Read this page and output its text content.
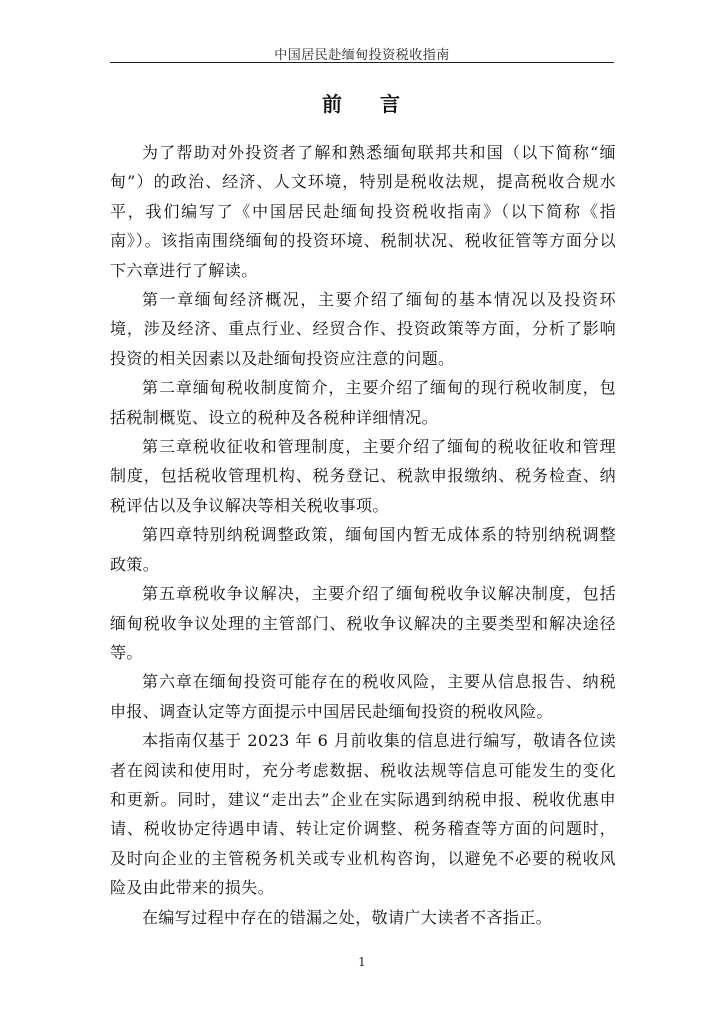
中国居民赴缅甸投资税收指南
前 言

为了帮助对外投资者了解和熟悉缅甸联邦共和国（以下简称“缅甸”）的政治、经济、人文环境，特别是税收法规，提高税收合规水平，我们编写了《中国居民赴缅甸投资税收指南》（以下简称《指南》）。该指南围绕缅甸的投资环境、税制状况、税收征管等方面分以下六章进行了解读。

第一章缅甸经济概况，主要介绍了缅甸的基本情况以及投资环境，涉及经济、重点行业、经贸合作、投资政策等方面，分析了影响投资的相关因素以及赴缅甸投资应注意的问题。

第二章缅甸税收制度简介，主要介绍了缅甸的现行税收制度，包括税制概览、设立的税种及各税种详细情况。

第三章税收征收和管理制度，主要介绍了缅甸的税收征收和管理制度，包括税收管理机构、税务登记、税款申报缴纳、税务检查、纳税评估以及争议解决等相关税收事项。

第四章特别纳税调整政策，缅甸国内暂无成体系的特别纳税调整政策。

第五章税收争议解决，主要介绍了缅甸税收争议解决制度，包括缅甸税收争议处理的主管部门、税收争议解决的主要类型和解决途径等。

第六章在缅甸投资可能存在的税收风险，主要从信息报告、纳税申报、调查认定等方面提示中国居民赴缅甸投资的税收风险。

本指南仅基于 2023 年 6 月前收集的信息进行编写，敬请各位读者在阅读和使用时，充分考虑数据、税收法规等信息可能发生的变化和更新。同时，建议“走出去”企业在实际遇到纳税申报、税收优惠申请、税收协定待遇申请、转让定价调整、税务稽查等方面的问题时，及时向企业的主管税务机关或专业机构咨询，以避免不必要的税收风险及由此带来的损失。

在编写过程中存在的错漏之处，敬请广大读者不吝指正。

1
